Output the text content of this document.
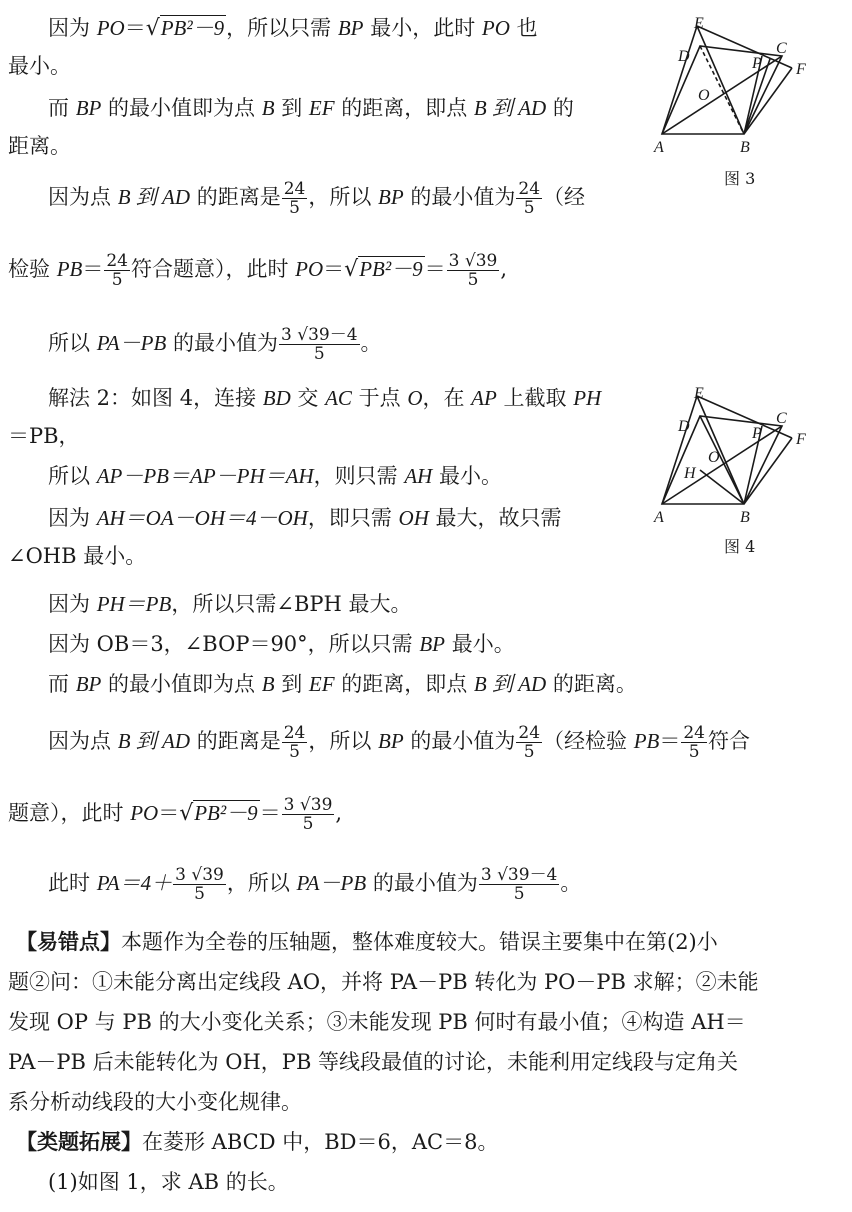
因为 PO＝√PB²－9，所以只需 BP 最小，此时 PO 也
最小。
而 BP 的最小值即为点 B 到 EF 的距离，即点 B 到 AD 的
距离。
因为点 B 到 AD 的距离是 $\frac{24}{5}$ ，所以 BP 的最小值为 $\frac{24}{5}$ （经
检验 $PB= \frac{24}{5}$ 符合题意），此时 $PO=√PB^2-9= \frac{3 √39}{5}$ ,
所以 PA－PB 的最小值为 $\frac{3 √39-4}{5}$ 。
解法 2：如图 4，连接 BD 交 AC 于点 O，在 AP 上截取 PH
＝PB，
所以 AP－PB＝AP－PH＝AH，则只需 AH 最小。
因为 AH＝OA－OH＝4－OH，即只需 OH 最大，故只需
∠OHB 最小。
因为 PH＝PB，所以只需∠BPH 最大。
因为 OB＝3，∠BOP＝90°，所以只需 BP 最小。
而 BP 的最小值即为点 B 到 EF 的距离，即点 B 到 AD 的距离。
因为点 B 到 AD 的距离是 $\frac{24}{5}$ ，所以 BP 的最小值为 $\frac{24}{5}$ （经检验 $PB= \frac{24}{5}$ 符合
题意），此时 $PO=√PB^2-9= \frac{3 √39}{5}$ ,
此时 $PA=4+ \frac{3 √39}{5}$ ，所以 PA－PB 的最小值为 $\frac{3 √39-4}{5}$ 。
【易错点】本题作为全卷的压轴题，整体难度较大。错误主要集中在第(2)小
题②问：①未能分离出定线段 AO，并将 PA－PB 转化为 PO－PB 求解；②未能
发现 OP 与 PB 的大小变化关系；③未能发现 PB 何时有最小值；④构造 AH＝
PA－PB 后未能转化为 OH，PB 等线段最值的讨论，未能利用定线段与定角关
系分析动线段的大小变化规律。
【类题拓展】在菱形 ABCD 中，BD＝6，AC＝8。
(1)如图 1，求 AB 的长。
E
D	C
P F
O
A	B
图 3
E
D	C
P F
O
H
A	B
图 4
